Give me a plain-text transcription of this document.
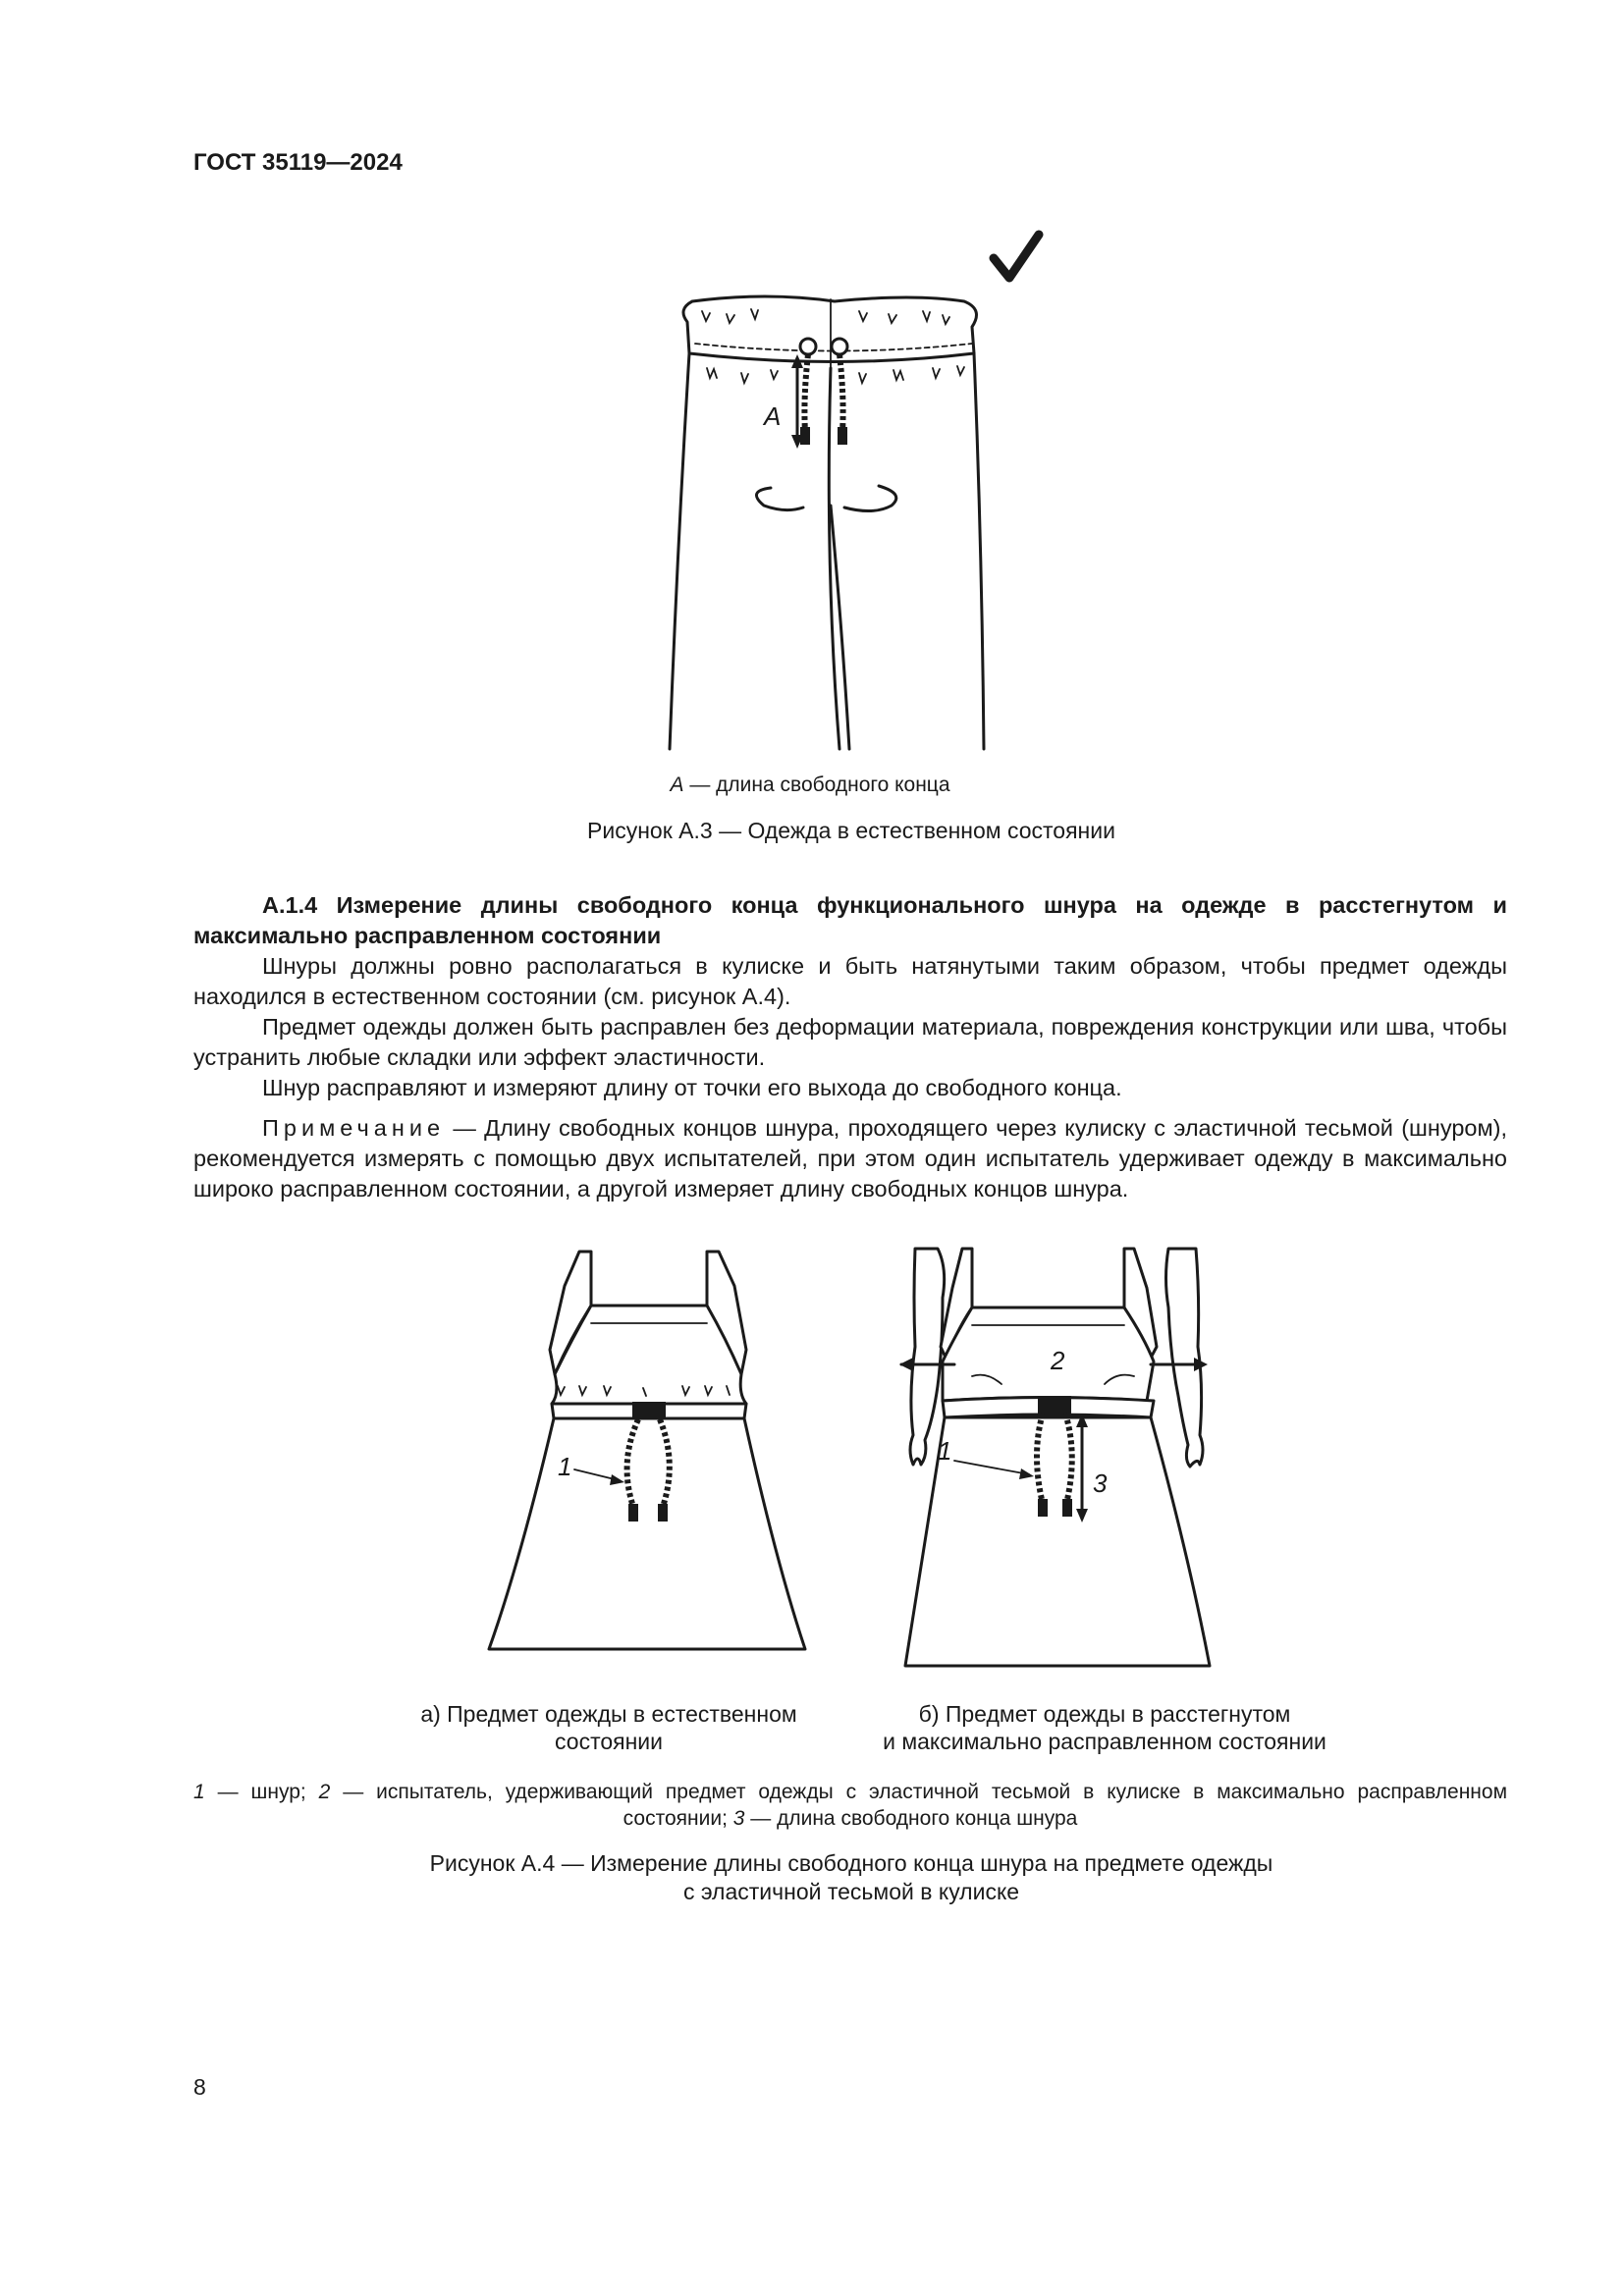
ГОСТ 35119—2024
A
A — длина свободного конца
Рисунок А.3 — Одежда в естественном состоянии

А.1.4 Измерение длины свободного конца функционального шнура на одежде в расстегнутом и максимально расправленном состоянии

Шнуры должны ровно располагаться в кулиске и быть натянутыми таким образом, чтобы предмет одежды находился в естественном состоянии (см. рисунок А.4).

Предмет одежды должен быть расправлен без деформации материала, повреждения конструкции или шва, чтобы устранить любые складки или эффект эластичности.

Шнур расправляют и измеряют длину от точки его выхода до свободного конца.

Примечание — Длину свободных концов шнура, проходящего через кулиску с эластичной тесьмой (шнуром), рекомендуется измерять с помощью двух испытателей, при этом один испытатель удерживает одежду в максимально широко расправленном состоянии, а другой измеряет длину свободных концов шнура.

1
2
1
3
а) Предмет одежды в естественном
состоянии
б) Предмет одежды в расстегнутом
и максимально расправленном состоянии
1 — шнур; 2 — испытатель, удерживающий предмет одежды с эластичной тесьмой в кулиске в максимально расправленном
состоянии; 3 — длина свободного конца шнура
Рисунок А.4 — Измерение длины свободного конца шнура на предмете одежды
с эластичной тесьмой в кулиске
8
